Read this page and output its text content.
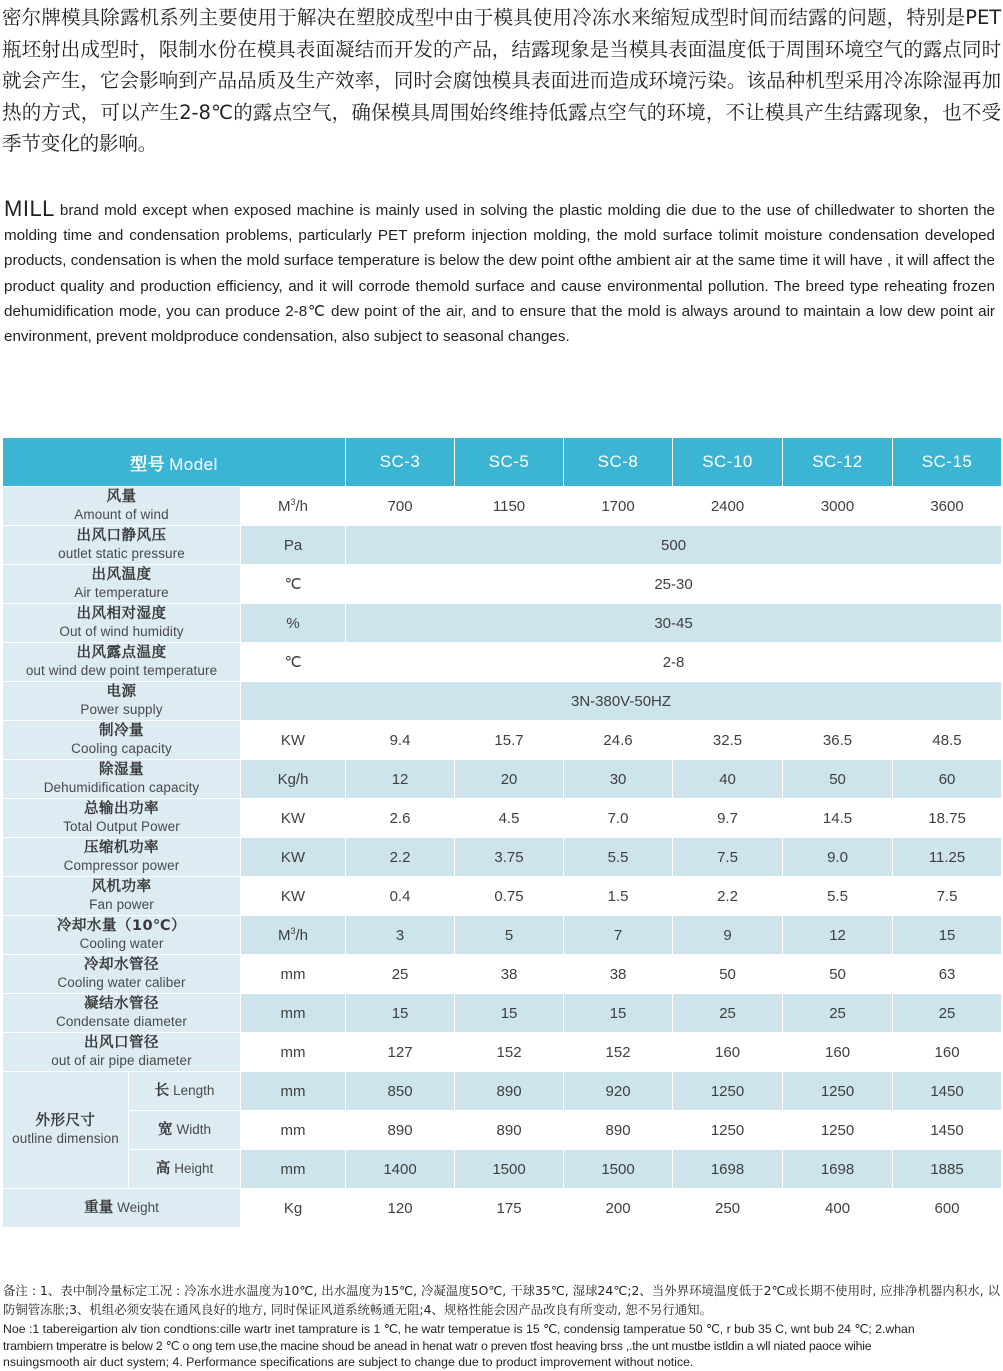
密尔牌模具除露机系列主要使用于解决在塑胶成型中由于模具使用冷冻水来缩短成型时间而结露的问题，特别是PET瓶坯射出成型时，限制水份在模具表面凝结而开发的产品，结露现象是当模具表面温度低于周围环境空气的露点同时就会产生，它会影响到产品品质及生产效率，同时会腐蚀模具表面进而造成环境污染。该品种机型采用冷冻除湿再加热的方式，可以产生2-8℃的露点空气，确保模具周围始终维持低露点空气的环境，不让模具产生结露现象，也不受季节变化的影响。
MILL brand mold except when exposed machine is mainly used in solving the plastic molding die due to the use of chilledwater to shorten the molding time and condensation problems, particularly PET preform injection molding, the mold surface tolimit moisture condensation developed products, condensation is when the mold surface temperature is below the dew point ofthe ambient air at the same time it will have , it will affect the product quality and production efficiency, and it will corrode themold surface and cause environmental pollution. The breed type reheating frozen dehumidification mode, you can produce 2-8℃ dew point of the air, and to ensure that the mold is always around to maintain a low dew point air environment, prevent moldproduce condensation, also subject to seasonal changes.
型号 Model			SC-3	SC-5	SC-8	SC-10	SC-12	SC-15

风量
Amount of wind		$M^3/h$	700	1150	1700	2400	3000	3600

出风口静风压
outlet static pressure		Pa	500					

出风温度
Air temperature		℃	25-30					

出风相对湿度
Out of wind humidity		%	30-45					

出风露点温度
out wind dew point temperature		℃	2-8					

电源
Power supply		3N-380V-50HZ						

制冷量
Cooling capacity		KW	9.4	15.7	24.6	32.5	36.5	48.5

除湿量
Dehumidification capacity		Kg/h	12	20	30	40	50	60

总输出功率
Total Output Power		KW	2.6	4.5	7.0	9.7	14.5	18.75

压缩机功率
Compressor power		KW	2.2	3.75	5.5	7.5	9.0	11.25

风机功率
Fan power		KW	0.4	0.75	1.5	2.2	5.5	7.5

冷却水量（10℃）
Cooling water		$M^3/h$	3	5	7	9	12	15

冷却水管径
Cooling water caliber		mm	25	38	38	50	50	63

凝结水管径
Condensate diameter		mm	15	15	15	25	25	25

出风口管径
out of air pipe diameter		mm	127	152	152	160	160	160

外形尺寸
outline dimension	长 Length	mm	850	890	920	1250	1250	1450
	宽 Width	mm	890	890	890	1250	1250	1450
	高 Height	mm	1400	1500	1500	1698	1698	1885
重量 Weight		Kg	120	175	200	250	400	600
备注 : 1、表中制冷量标定工况 : 冷冻水进水温度为10℃, 出水温度为15℃, 冷凝温度5O℃, 干球35℃, 湿球24℃;2、当外界环境温度低于2℃或长期不使用时, 应排净机器内积水, 以防铜管冻胀;3、机组必须安装在通风良好的地方, 同时保证风道系统畅通无阻;4、规格性能会因产品改良有所变动, 恕不另行通知。
Noe :1 tabereigartion alv tion condtions:cille wartr inet tamprature is 1 ℃, he watr temperatue is 15 ℃, condensig tamperatue 50 ℃, r bub 35 C, wnt bub 24 ℃; 2.whan
trambiern tmperatre is below 2 ℃ o ong tem use,the macine shoud be anead in henat watr o preven tfost heaving brss ,.the unt mustbe istldin a wll niated paoce wihie
nsuingsmooth air duct system; 4. Performance specifications are subject to change due to product improvement without notice.
